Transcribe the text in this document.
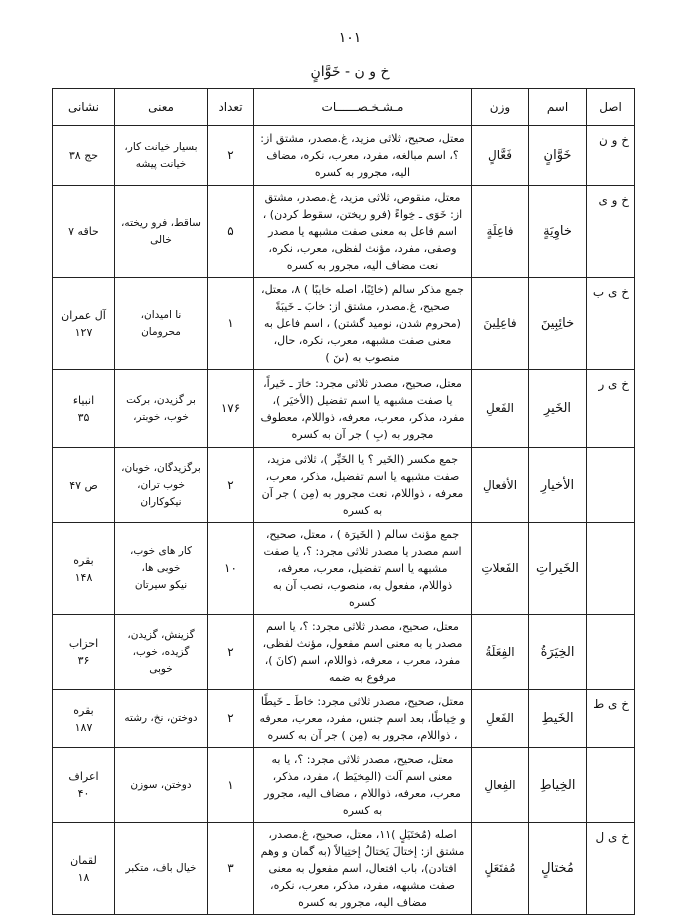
۱۰۱
خ و ن - خَوَّانٍ
اصل	اسم	وزن	مـشـخـصــــــات	تعداد	معنى	نشانى
خ و ن	خَوَّانٍ	فَعَّالٍ	معتل، صحيح، ثلاثى مزيد، غ.مصدر، مشتق از: ؟، اسم مبالغه، مفرد، معرب، نكره، مضاف اليه، مجرور به كسره	۲	بسيار خيانت كار،
خيانت پيشه	حج ۳۸

خ و ى	خاوِيَةٍ	فاعِلَةٍ	معتل، منقوص، ثلاثى مزيد، غ.مصدر، مشتق از: خَوَى ـ خِواءً (فرو ريختن، سقوط كردن) ، اسم فاعل به معنى صفت مشبهه يا مصدر وصفى، مفرد، مؤنث لفظى، معرب، نكره، نعت مضاف اليه، مجرور به كسره	۵	ساقط، فرو ريخته،
خالى	حاقه ۷

خ ى ب	خائِبِينَ	فاعِلِينَ	جمع مذكر سالم (خائِبًا، اصله خايبًا ) ۸، معتل، صحيح، غ.مصدر، مشتق از: خابَ ـ خَيبَةً (محروم شدن، نوميد گشتن) ، اسم فاعل به معنى صفت مشبهه، معرب، نكره، حال، منصوب به (ىنَ )	۱	نا اميدان، محرومان	آل عمران
۱۲۷

خ ى ر	الخَيرِ	الفَعلِ	معتل، صحيح، مصدر ثلاثى مجرد: خارَ ـ خَيراً، يا صفت مشبهه يا اسم تفضيل (الأخيَر )، مفرد، مذكر، معرب، معرفه، ذواللام، معطوف مجرور به (بِ ) جر آن به كسره	۱۷۶	بر گزيدن، بركت
خوب، خوبتر،	انبياء
۳۵

	الأخيارِ	الأفعالِ	جمع مكسر (الخَير ؟ يا الخَيِّر )، ثلاثى مزيد، صفت مشبهه يا اسم تفضيل، مذكر، معرب، معرفه ، ذواللام، نعت مجرور به (مِن ) جر آن به كسره	۲	برگزيدگان، خوبان،
خوب تران،
نيكوكاران	ص ۴۷

	الخَيراتِ	الفَعلاتِ	جمع مؤنث سالم ( الخَيرَة ) ، معتل، صحيح، اسم مصدر يا مصدر ثلاثى مجرد: ؟، يا صفت مشبهه يا اسم تفضيل، معرب، معرفه، ذواللام، مفعول به، منصوب، نصب آن به كسره	۱۰	كار هاى خوب،
خوبى ها،
نيكو سيرتان	بقره
۱۴۸

	الخِيَرَةُ	الفِعَلَةُ	معتل، صحيح، مصدر ثلاثى مجرد: ؟، يا اسم مصدر يا به معنى اسم مفعول، مؤنث لفظى، مفرد، معرب ، معرفه، ذواللام، اسم (كانَ )، مرفوع به ضمه	۲	گزينش، گزيدن،
گزيده، خوب، خوبى	احزاب
۳۶

خ ى ط	الخَيطِ	الفَعلِ	معتل، صحيح، مصدر ثلاثى مجرد: خاطَ ـ خَيطًا و خِياطًا، بعد اسم جنس، مفرد، معرب، معرفه ، ذواللام، مجرور به (مِن ) جر آن به كسره	۲	دوختن، نخ، رشته	بقره
۱۸۷

	الخِياطِ	الفِعالِ	معتل، صحيح، مصدر ثلاثى مجرد: ؟، يا به معنى اسم آلت (المِخيَط )، مفرد، مذكر، معرب، معرفه، ذواللام ، مضاف اليه، مجرور به كسره	۱	دوختن، سوزن	اعراف
۴۰

خ ى ل	مُختالٍ	مُفتَعَلٍ	اصله (مُختَيَلٍ )۱۱، معتل، صحيح، غ.مصدر، مشتق از: إختالَ يَختالُ إختِيالاً (به گمان و وهم افتادن)، باب افتعال، اسم مفعول به معنى صفت مشبهه، مفرد، مذكر، معرب، نكره، مضاف اليه، مجرور به كسره	۳	خيال باف، متكبر	لقمان
۱۸
